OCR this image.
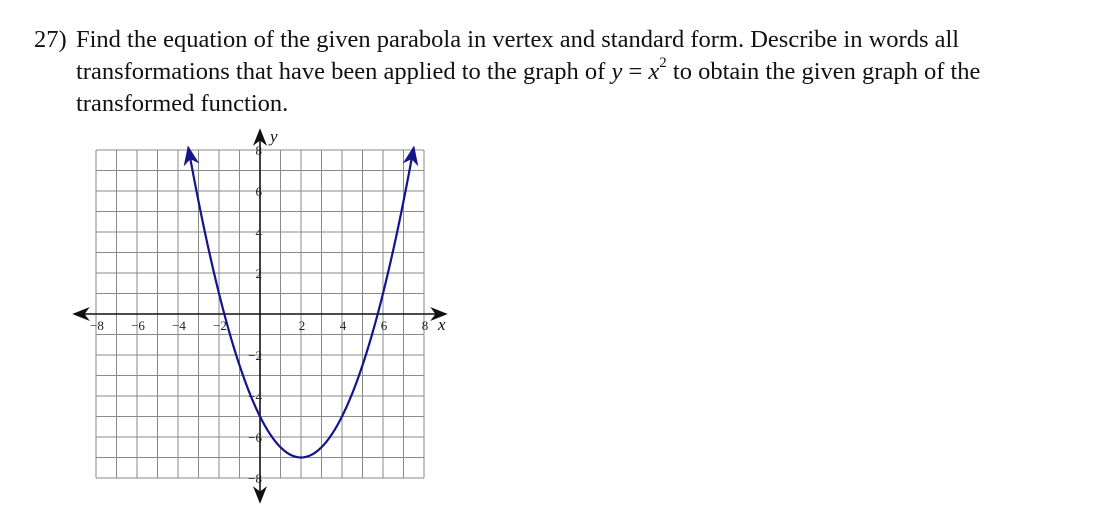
27) Find the equation of the given parabola in vertex and standard form. Describe in words all
transformations that have been applied to the graph of $y = x^2$ to obtain the given graph of the
transformed function.
−8 −6 −4 −2	2	4	6	8
8
6
4
2
−2
−4
−6
−8
x
y
